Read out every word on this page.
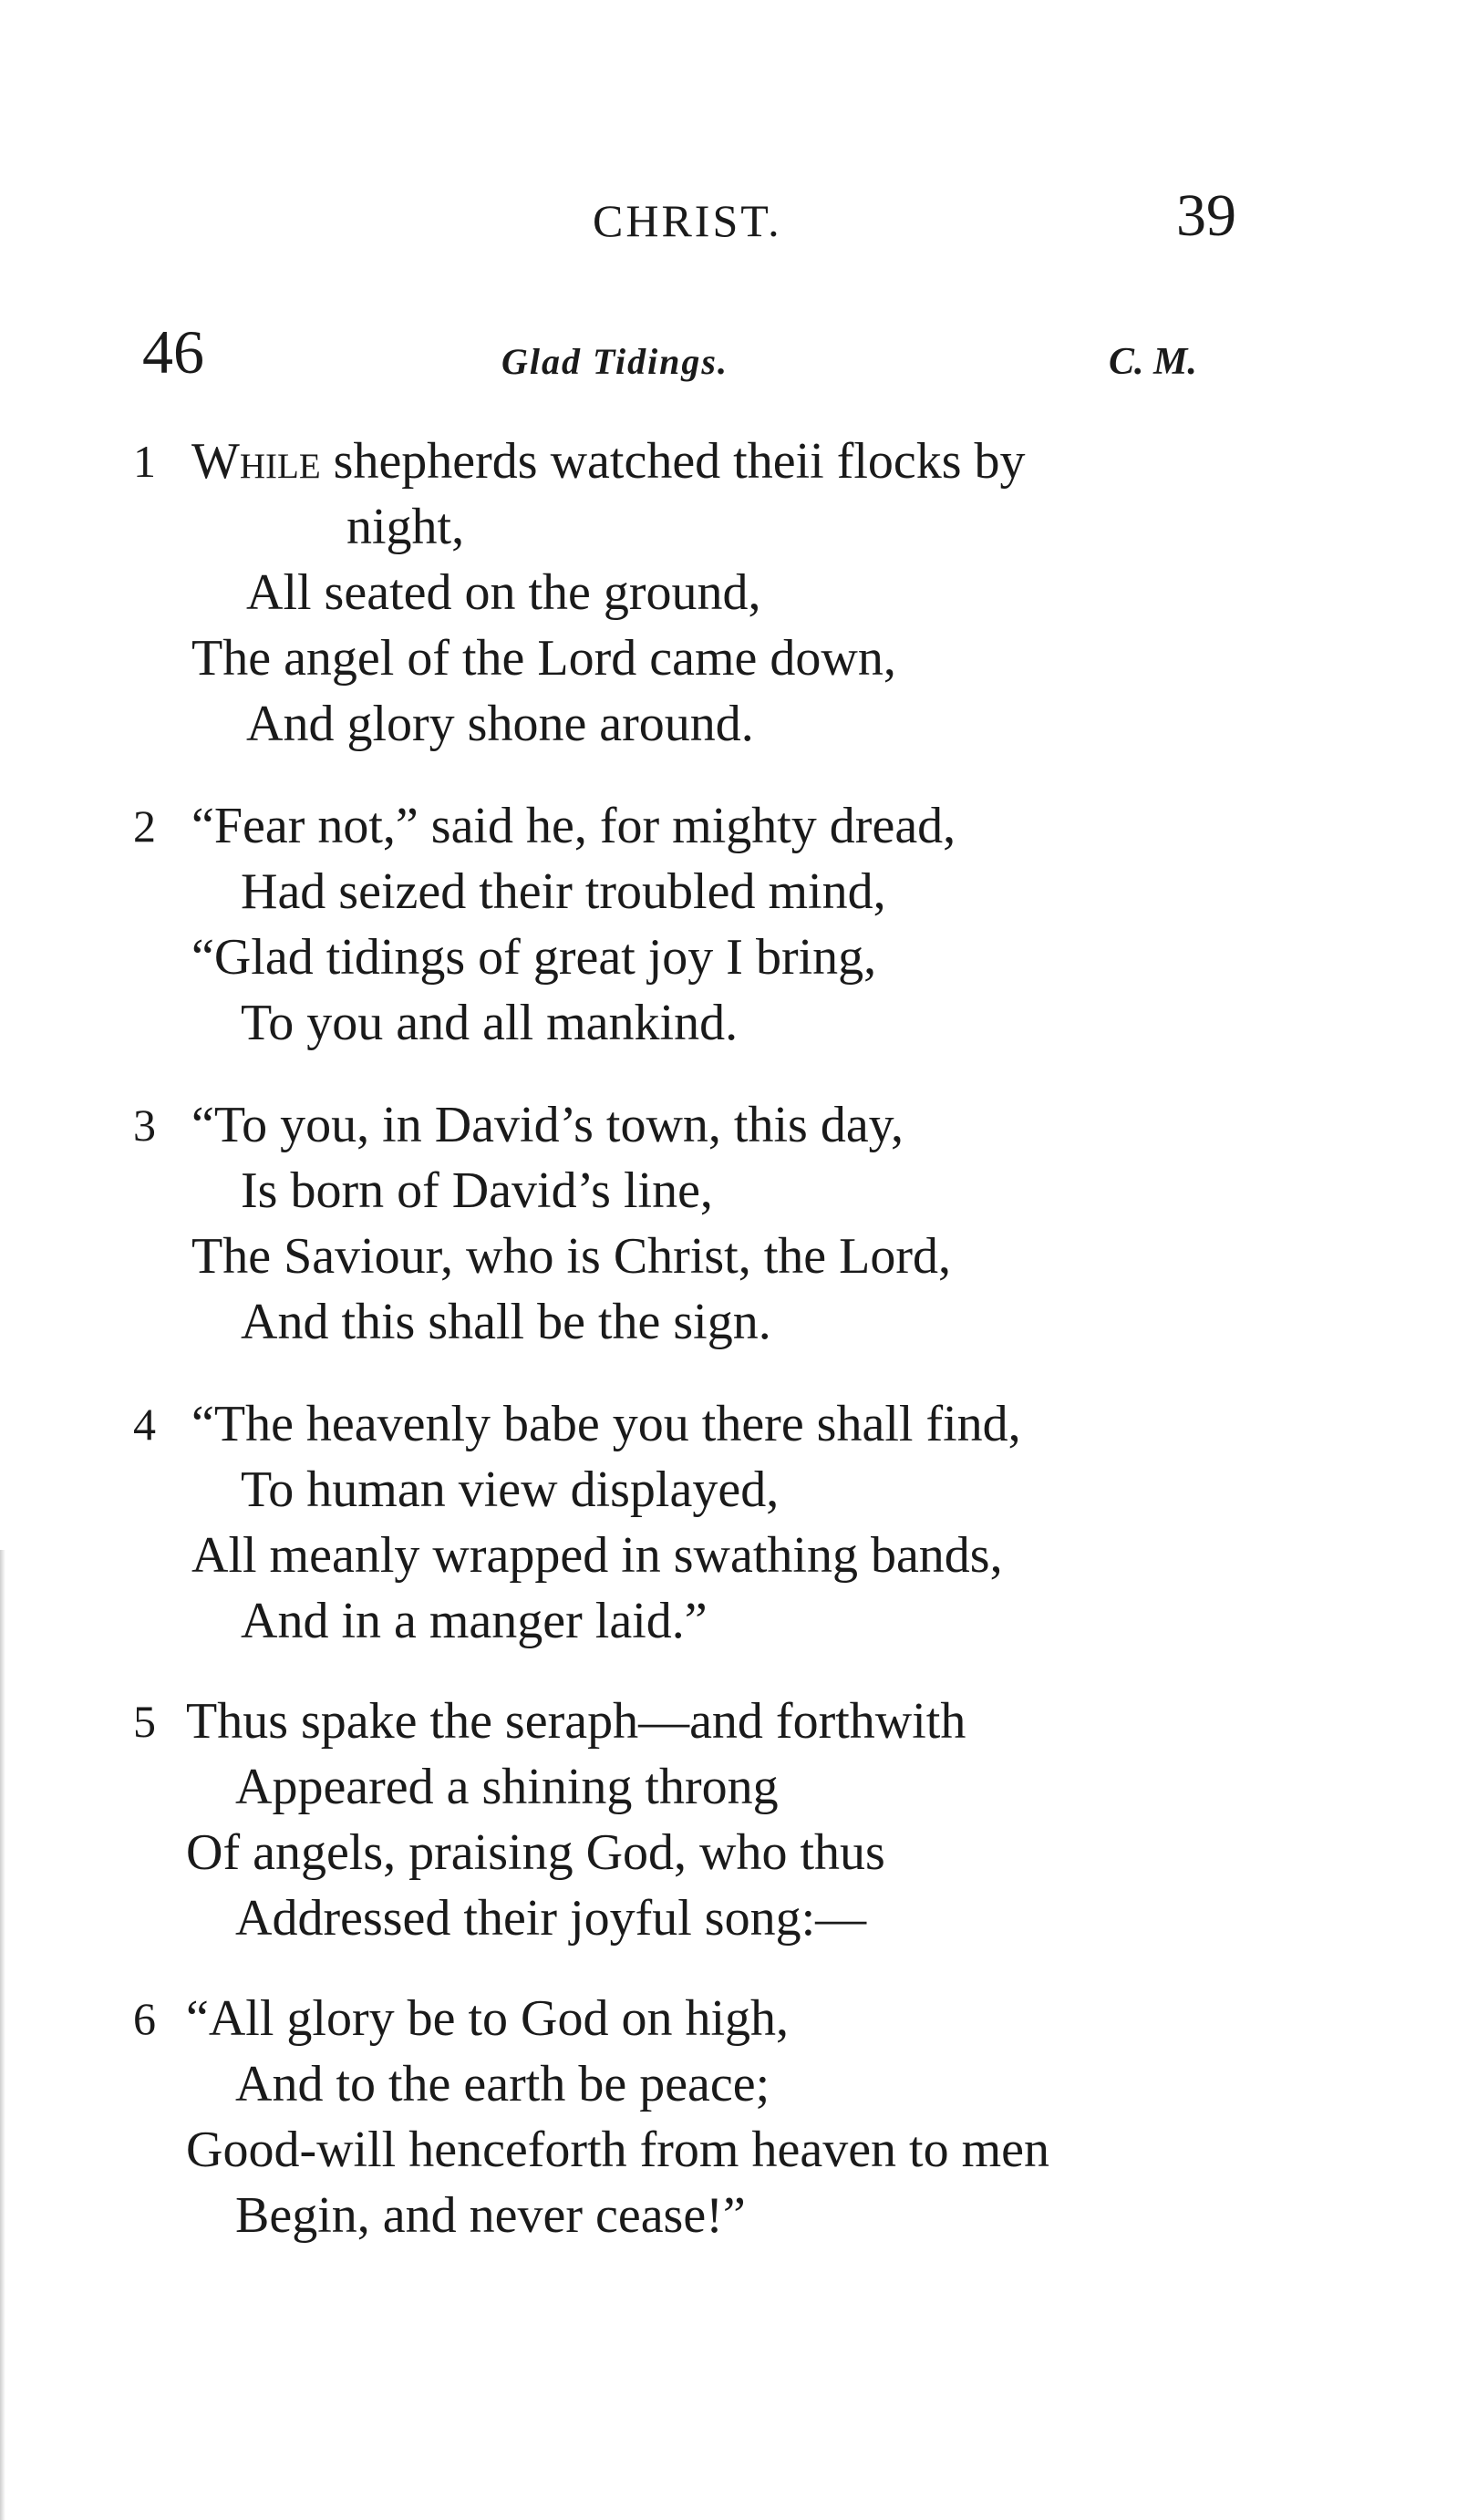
CHRIST.	39
46	Glad Tidings.	C. M.
1 While shepherds watched theii flocks by
night,
All seated on the ground,
The angel of the Lord came down,
And glory shone around.
2 “Fear not,” said he, for mighty dread,
Had seized their troubled mind,
“Glad tidings of great joy I bring,
To you and all mankind.
3 “To you, in David’s town, this day,
Is born of David’s line,
The Saviour, who is Christ, the Lord,
And this shall be the sign.
4 “The heavenly babe you there shall find,
To human view displayed,
All meanly wrapped in swathing bands,
And in a manger laid.”
5 Thus spake the seraph—and forthwith
Appeared a shining throng
Of angels, praising God, who thus
Addressed their joyful song:—
6 “All glory be to God on high,
And to the earth be peace;
Good-will henceforth from heaven to men
Begin, and never cease!”
